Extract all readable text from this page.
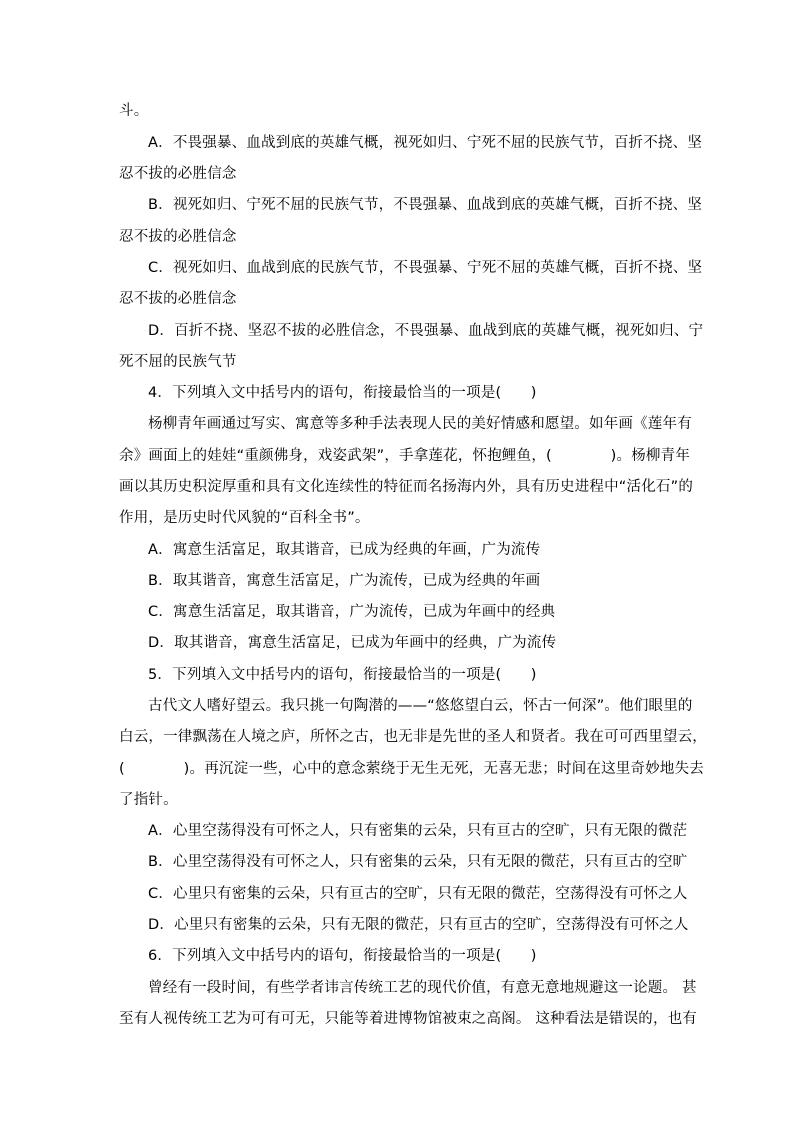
斗。
A．不畏强暴、血战到底的英雄气概，视死如归、宁死不屈的民族气节，百折不挠、坚
忍不拔的必胜信念
B．视死如归、宁死不屈的民族气节，不畏强暴、血战到底的英雄气概，百折不挠、坚
忍不拔的必胜信念
C．视死如归、血战到底的民族气节，不畏强暴、宁死不屈的英雄气概，百折不挠、坚
忍不拔的必胜信念
D．百折不挠、坚忍不拔的必胜信念，不畏强暴、血战到底的英雄气概，视死如归、宁
死不屈的民族气节
4．下列填入文中括号内的语句，衔接最恰当的一项是(　　)
杨柳青年画通过写实、寓意等多种手法表现人民的美好情感和愿望。如年画《莲年有
余》画面上的娃娃“重颜佛身，戏姿武架”，手拿莲花，怀抱鲤鱼，(　　　　)。杨柳青年
画以其历史积淀厚重和具有文化连续性的特征而名扬海内外，具有历史进程中“活化石”的
作用，是历史时代风貌的“百科全书”。
A．寓意生活富足，取其谐音，已成为经典的年画，广为流传
B．取其谐音，寓意生活富足，广为流传，已成为经典的年画
C．寓意生活富足，取其谐音，广为流传，已成为年画中的经典
D．取其谐音，寓意生活富足，已成为年画中的经典，广为流传
5．下列填入文中括号内的语句，衔接最恰当的一项是(　　)
古代文人嗜好望云。我只挑一句陶潜的——“悠悠望白云，怀古一何深”。他们眼里的
白云，一律飘荡在人境之庐，所怀之古，也无非是先世的圣人和贤者。我在可可西里望云，
(　　　　)。再沉淀一些，心中的意念萦绕于无生无死，无喜无悲；时间在这里奇妙地失去
了指针。
A．心里空荡得没有可怀之人，只有密集的云朵，只有亘古的空旷，只有无限的微茫
B．心里空荡得没有可怀之人，只有密集的云朵，只有无限的微茫，只有亘古的空旷
C．心里只有密集的云朵，只有亘古的空旷，只有无限的微茫，空荡得没有可怀之人
D．心里只有密集的云朵，只有无限的微茫，只有亘古的空旷，空荡得没有可怀之人
6．下列填入文中括号内的语句，衔接最恰当的一项是(　　)
曾经有一段时间，有些学者讳言传统工艺的现代价值，有意无意地规避这一论题。 甚
至有人视传统工艺为可有可无，只能等着进博物馆被束之高阁。 这种看法是错误的，也有
